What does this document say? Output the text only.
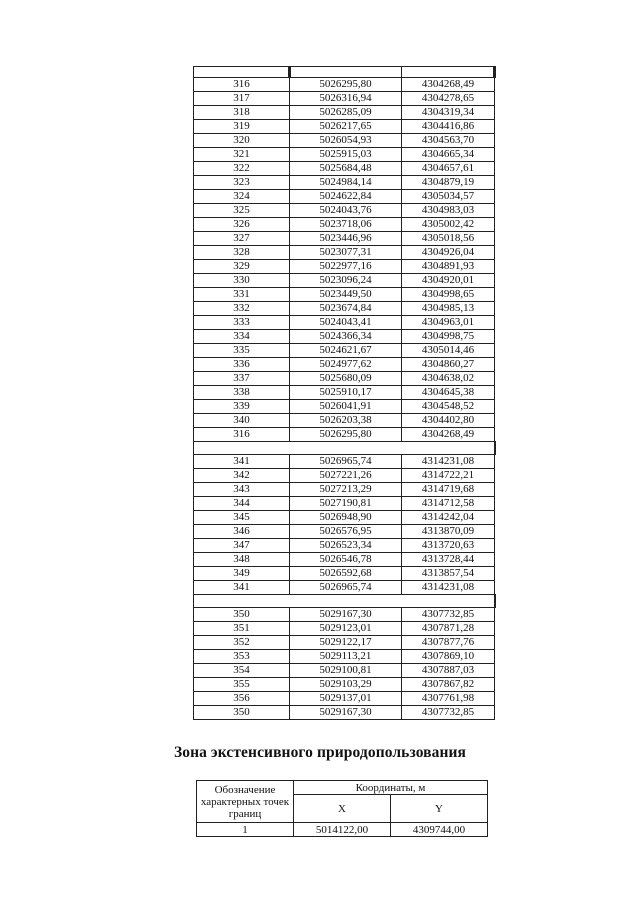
316	5026295,80	4304268,49
317	5026316,94	4304278,65
318	5026285,09	4304319,34
319	5026217,65	4304416,86
320	5026054,93	4304563,70
321	5025915,03	4304665,34
322	5025684,48	4304657,61
323	5024984,14	4304879,19
324	5024622,84	4305034,57
325	5024043,76	4304983,03
326	5023718,06	4305002,42
327	5023446,96	4305018,56
328	5023077,31	4304926,04
329	5022977,16	4304891,93
330	5023096,24	4304920,01
331	5023449,50	4304998,65
332	5023674,84	4304985,13
333	5024043,41	4304963,01
334	5024366,34	4304998,75
335	5024621,67	4305014,46
336	5024977,62	4304860,27
337	5025680,09	4304638,02
338	5025910,17	4304645,38
339	5026041,91	4304548,52
340	5026203,38	4304402,80
316	5026295,80	4304268,49

341	5026965,74	4314231,08
342	5027221,26	4314722,21
343	5027213,29	4314719,68
344	5027190,81	4314712,58
345	5026948,90	4314242,04
346	5026576,95	4313870,09
347	5026523,34	4313720,63
348	5026546,78	4313728,44
349	5026592,68	4313857,54
341	5026965,74	4314231,08

350	5029167,30	4307732,85
351	5029123,01	4307871,28
352	5029122,17	4307877,76
353	5029113,21	4307869,10
354	5029100,81	4307887,03
355	5029103,29	4307867,82
356	5029137,01	4307761,98
350	5029167,30	4307732,85
Зона экстенсивного природопользования
Обозначение характерных точек границ	Координаты, м	
	X	Y
1	5014122,00	4309744,00
